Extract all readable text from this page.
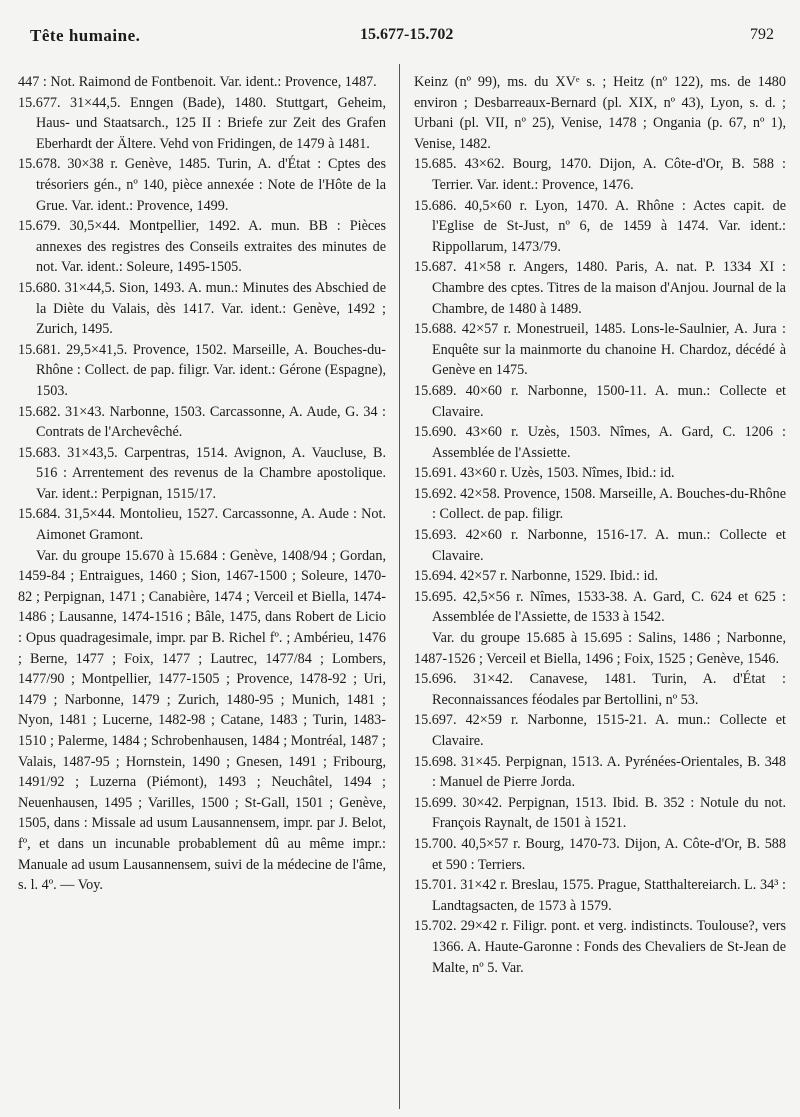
Tête humaine.	15.677-15.702	792

447 : Not. Raimond de Fontbenoit. Var. ident.: Provence, 1487.

15.677. 31×44,5. Enngen (Bade), 1480. Stuttgart, Geheim, Haus- und Staatsarch., 125 II : Briefe zur Zeit des Grafen Eberhardt der Ältere. Vehd von Fridingen, de 1479 à 1481.

15.678. 30×38 r. Genève, 1485. Turin, A. d'État : Cptes des trésoriers gén., nº 140, pièce annexée : Note de l'Hôte de la Grue. Var. ident.: Provence, 1499.

15.679. 30,5×44. Montpellier, 1492. A. mun. BB : Pièces annexes des registres des Conseils extraites des minutes de not. Var. ident.: Soleure, 1495-1505.

15.680. 31×44,5. Sion, 1493. A. mun.: Minutes des Abschied de la Diète du Valais, dès 1417. Var. ident.: Genève, 1492 ; Zurich, 1495.

15.681. 29,5×41,5. Provence, 1502. Marseille, A. Bouches-du-Rhône : Collect. de pap. filigr. Var. ident.: Gérone (Espagne), 1503.

15.682. 31×43. Narbonne, 1503. Carcassonne, A. Aude, G. 34 : Contrats de l'Archevêché.

15.683. 31×43,5. Carpentras, 1514. Avignon, A. Vaucluse, B. 516 : Arrentement des revenus de la Chambre apostolique. Var. ident.: Perpignan, 1515/17.

15.684. 31,5×44. Montolieu, 1527. Carcassonne, A. Aude : Not. Aimonet Gramont.

Var. du groupe 15.670 à 15.684 : Genève, 1408/94 ; Gordan, 1459-84 ; Entraigues, 1460 ; Sion, 1467-1500 ; Soleure, 1470-82 ; Perpignan, 1471 ; Canabière, 1474 ; Verceil et Biella, 1474-1486 ; Lausanne, 1474-1516 ; Bâle, 1475, dans Robert de Licio : Opus quadragesimale, impr. par B. Richel fº. ; Ambérieu, 1476 ; Berne, 1477 ; Foix, 1477 ; Lautrec, 1477/84 ; Lombers, 1477/90 ; Montpellier, 1477-1505 ; Provence, 1478-92 ; Uri, 1479 ; Narbonne, 1479 ; Zurich, 1480-95 ; Munich, 1481 ; Nyon, 1481 ; Lucerne, 1482-98 ; Catane, 1483 ; Turin, 1483-1510 ; Palerme, 1484 ; Schrobenhausen, 1484 ; Montréal, 1487 ; Valais, 1487-95 ; Hornstein, 1490 ; Gnesen, 1491 ; Fribourg, 1491/92 ; Luzerna (Piémont), 1493 ; Neuchâtel, 1494 ; Neuenhausen, 1495 ; Varilles, 1500 ; St-Gall, 1501 ; Genève, 1505, dans : Missale ad usum Lausannensem, impr. par J. Belot, fº, et dans un incunable probablement dû au même impr.: Manuale ad usum Lausannensem, suivi de la médecine de l'âme, s. l. 4º. — Voy.

Keinz (nº 99), ms. du XVᵉ s. ; Heitz (nº 122), ms. de 1480 environ ; Desbarreaux-Bernard (pl. XIX, nº 43), Lyon, s. d. ; Urbani (pl. VII, nº 25), Venise, 1478 ; Ongania (p. 67, nº 1), Venise, 1482.

15.685. 43×62. Bourg, 1470. Dijon, A. Côte-d'Or, B. 588 : Terrier. Var. ident.: Provence, 1476.

15.686. 40,5×60 r. Lyon, 1470. A. Rhône : Actes capit. de l'Eglise de St-Just, nº 6, de 1459 à 1474. Var. ident.: Rippollarum, 1473/79.

15.687. 41×58 r. Angers, 1480. Paris, A. nat. P. 1334 XI : Chambre des cptes. Titres de la maison d'Anjou. Journal de la Chambre, de 1480 à 1489.

15.688. 42×57 r. Monestrueil, 1485. Lons-le-Saulnier, A. Jura : Enquête sur la mainmorte du chanoine H. Chardoz, décédé à Genève en 1475.

15.689. 40×60 r. Narbonne, 1500-11. A. mun.: Collecte et Clavaire.

15.690. 43×60 r. Uzès, 1503. Nîmes, A. Gard, C. 1206 : Assemblée de l'Assiette.

15.691. 43×60 r. Uzès, 1503. Nîmes, Ibid.: id.

15.692. 42×58. Provence, 1508. Marseille, A. Bouches-du-Rhône : Collect. de pap. filigr.

15.693. 42×60 r. Narbonne, 1516-17. A. mun.: Collecte et Clavaire.

15.694. 42×57 r. Narbonne, 1529. Ibid.: id.

15.695. 42,5×56 r. Nîmes, 1533-38. A. Gard, C. 624 et 625 : Assemblée de l'Assiette, de 1533 à 1542.

Var. du groupe 15.685 à 15.695 : Salins, 1486 ; Narbonne, 1487-1526 ; Verceil et Biella, 1496 ; Foix, 1525 ; Genève, 1546.

15.696. 31×42. Canavese, 1481. Turin, A. d'État : Reconnaissances féodales par Bertollini, nº 53.

15.697. 42×59 r. Narbonne, 1515-21. A. mun.: Collecte et Clavaire.

15.698. 31×45. Perpignan, 1513. A. Pyrénées-Orientales, B. 348 : Manuel de Pierre Jorda.

15.699. 30×42. Perpignan, 1513. Ibid. B. 352 : Notule du not. François Raynalt, de 1501 à 1521.

15.700. 40,5×57 r. Bourg, 1470-73. Dijon, A. Côte-d'Or, B. 588 et 590 : Terriers.

15.701. 31×42 r. Breslau, 1575. Prague, Statthaltereiarch. L. 34³ : Landtagsacten, de 1573 à 1579.

15.702. 29×42 r. Filigr. pont. et verg. indistincts. Toulouse?, vers 1366. A. Haute-Garonne : Fonds des Chevaliers de St-Jean de Malte, nº 5. Var.
